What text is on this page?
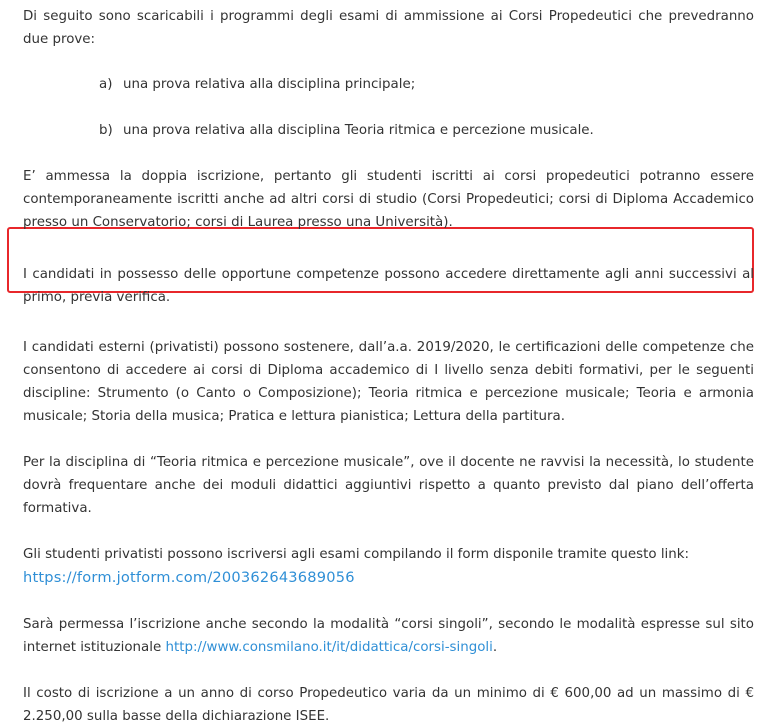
Di seguito sono scaricabili i programmi degli esami di ammissione ai Corsi Propedeutici che prevedranno due prove:

a) una prova relativa alla disciplina principale;
b) una prova relativa alla disciplina Teoria ritmica e percezione musicale.

E’ ammessa la doppia iscrizione, pertanto gli studenti iscritti ai corsi propedeutici potranno essere contemporaneamente iscritti anche ad altri corsi di studio (Corsi Propedeutici; corsi di Diploma Accademico presso un Conservatorio; corsi di Laurea presso una Università).

I candidati in possesso delle opportune competenze possono accedere direttamente agli anni successivi al primo, previa verifica.

I candidati esterni (privatisti) possono sostenere, dall’a.a. 2019/2020, le certificazioni delle competenze che consentono di accedere ai corsi di Diploma accademico di I livello senza debiti formativi, per le seguenti discipline: Strumento (o Canto o Composizione); Teoria ritmica e percezione musicale; Teoria e armonia musicale; Storia della musica; Pratica e lettura pianistica; Lettura della partitura.

Per la disciplina di “Teoria ritmica e percezione musicale”, ove il docente ne ravvisi la necessità, lo studente dovrà frequentare anche dei moduli didattici aggiuntivi rispetto a quanto previsto dal piano dell’offerta formativa.

Gli studenti privatisti possono iscriversi agli esami compilando il form disponile tramite questo link:
https://form.jotform.com/200362643689056

Sarà permessa l’iscrizione anche secondo la modalità “corsi singoli”, secondo le modalità espresse sul sito internet istituzionale http://www.consmilano.it/it/didattica/corsi-singoli.

Il costo di iscrizione a un anno di corso Propedeutico varia da un minimo di € 600,00 ad un massimo di € 2.250,00 sulla basse della dichiarazione ISEE.
